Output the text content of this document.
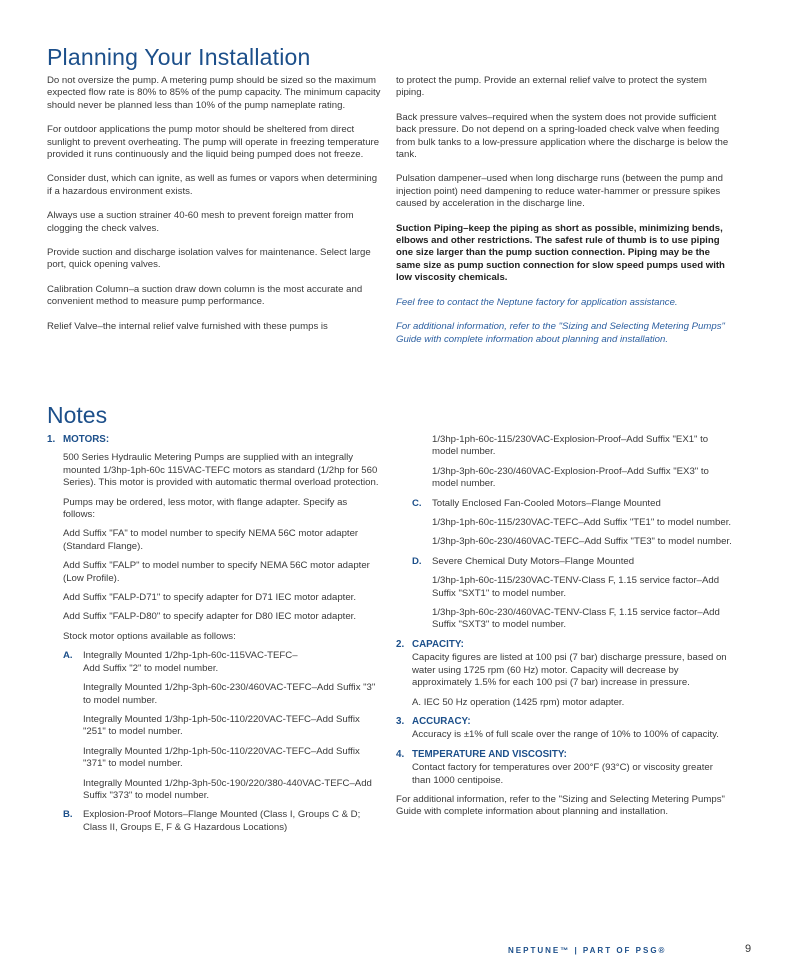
Planning Your Installation

Do not oversize the pump. A metering pump should be sized so the maximum expected flow rate is 80% to 85% of the pump capacity. The minimum capacity should never be planned less than 10% of the pump nameplate rating.

For outdoor applications the pump motor should be sheltered from direct sunlight to prevent overheating. The pump will operate in freezing temperature provided it runs continuously and the liquid being pumped does not freeze.

Consider dust, which can ignite, as well as fumes or vapors when determining if a hazardous environment exists.

Always use a suction strainer 40-60 mesh to prevent foreign matter from clogging the check valves.

Provide suction and discharge isolation valves for maintenance. Select large port, quick opening valves.

Calibration Column–a suction draw down column is the most accurate and convenient method to measure pump performance.

Relief Valve–the internal relief valve furnished with these pumps is

to protect the pump. Provide an external relief valve to protect the system piping.

Back pressure valves–required when the system does not provide sufficient back pressure. Do not depend on a spring-loaded check valve when feeding from bulk tanks to a low-pressure application where the discharge is below the tank.

Pulsation dampener–used when long discharge runs (between the pump and injection point) need dampening to reduce water-hammer or pressure spikes caused by acceleration in the discharge line.

Suction Piping–keep the piping as short as possible, minimizing bends, elbows and other restrictions. The safest rule of thumb is to use piping one size larger than the pump suction connection. Piping may be the same size as pump suction connection for slow speed pumps used with low viscosity chemicals.

Feel free to contact the Neptune factory for application assistance.

For additional information, refer to the "Sizing and Selecting Metering Pumps" Guide with complete information about planning and installation.

Notes
1. MOTORS:

500 Series Hydraulic Metering Pumps are supplied with an integrally mounted 1/3hp-1ph-60c 115VAC-TEFC motors as standard (1/2hp for 560 Series). This motor is provided with automatic thermal overload protection.

Pumps may be ordered, less motor, with flange adapter. Specify as follows:

Add Suffix "FA" to model number to specify NEMA 56C motor adapter (Standard Flange).

Add Suffix "FALP" to model number to specify NEMA 56C motor adapter (Low Profile).

Add Suffix "FALP-D71" to specify adapter for D71 IEC motor adapter.

Add Suffix "FALP-D80" to specify adapter for D80 IEC motor adapter.

Stock motor options available as follows:

A.	Integrally Mounted 1/2hp-1ph-60c-115VAC-TEFC–

Add Suffix "2" to model number.

Integrally Mounted 1/2hp-3ph-60c-230/460VAC-TEFC–Add Suffix "3" to model number.

Integrally Mounted 1/3hp-1ph-50c-110/220VAC-TEFC–Add Suffix "251" to model number.

Integrally Mounted 1/2hp-1ph-50c-110/220VAC-TEFC–Add Suffix "371" to model number.

Integrally Mounted 1/2hp-3ph-50c-190/220/380-440VAC-TEFC–Add Suffix "373" to model number.

B.	Explosion-Proof Motors–Flange Mounted (Class I, Groups C & D; Class II, Groups E, F & G Hazardous Locations)

1/3hp-1ph-60c-115/230VAC-Explosion-Proof–Add Suffix "EX1" to model number.

1/3hp-3ph-60c-230/460VAC-Explosion-Proof–Add Suffix "EX3" to model number.

C.	Totally Enclosed Fan-Cooled Motors–Flange Mounted

1/3hp-1ph-60c-115/230VAC-TEFC–Add Suffix "TE1" to model number.

1/3hp-3ph-60c-230/460VAC-TEFC–Add Suffix "TE3" to model number.

D.	Severe Chemical Duty Motors–Flange Mounted

1/3hp-1ph-60c-115/230VAC-TENV-Class F, 1.15 service factor–Add Suffix "SXT1" to model number.

1/3hp-3ph-60c-230/460VAC-TENV-Class F, 1.15 service factor–Add Suffix "SXT3" to model number.

2. CAPACITY:

Capacity figures are listed at 100 psi (7 bar) discharge pressure, based on water using 1725 rpm (60 Hz) motor. Capacity will decrease by approximately 1.5% for each 100 psi (7 bar) increase in pressure.

A. IEC 50 Hz operation (1425 rpm) motor adapter.

3. ACCURACY:

Accuracy is ±1% of full scale over the range of 10% to 100% of capacity.

4. TEMPERATURE AND VISCOSITY:

Contact factory for temperatures over 200°F (93°C) or viscosity greater than 1000 centipoise.

For additional information, refer to the "Sizing and Selecting Metering Pumps" Guide with complete information about planning and installation.

NEPTUNE™ | PART OF PSG®	9
